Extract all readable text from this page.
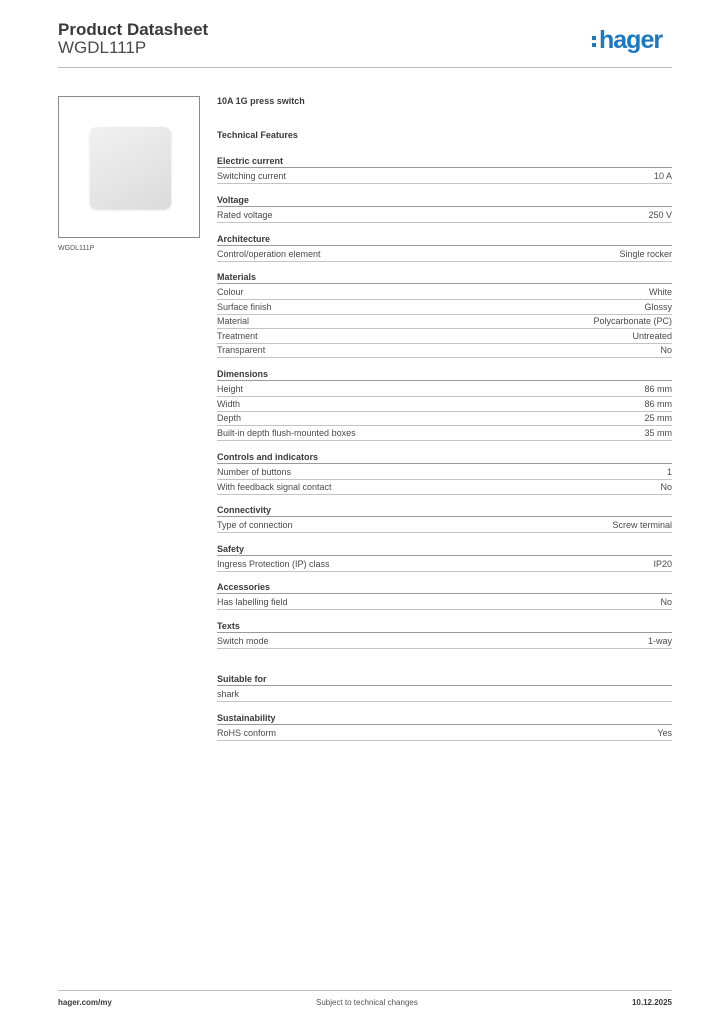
Product Datasheet
WGDL111P	hager
WGDL111P
10A 1G press switch
Technical Features
Electric current
Switching current	10 A
Voltage
Rated voltage	250 V
Architecture
Control/operation element	Single rocker
Materials
Colour	White
Surface finish	Glossy
Material	Polycarbonate (PC)
Treatment	Untreated
Transparent	No
Dimensions
Height	86 mm
Width	86 mm
Depth	25 mm
Built-in depth flush-mounted boxes	35 mm
Controls and indicators
Number of buttons	1
With feedback signal contact	No
Connectivity
Type of connection	Screw terminal
Safety
Ingress Protection (IP) class	IP20
Accessories
Has labelling field	No
Texts
Switch mode	1-way
Suitable for
shark
Sustainability
RoHS conform	Yes
hager.com/my	Subject to technical changes	10.12.2025
